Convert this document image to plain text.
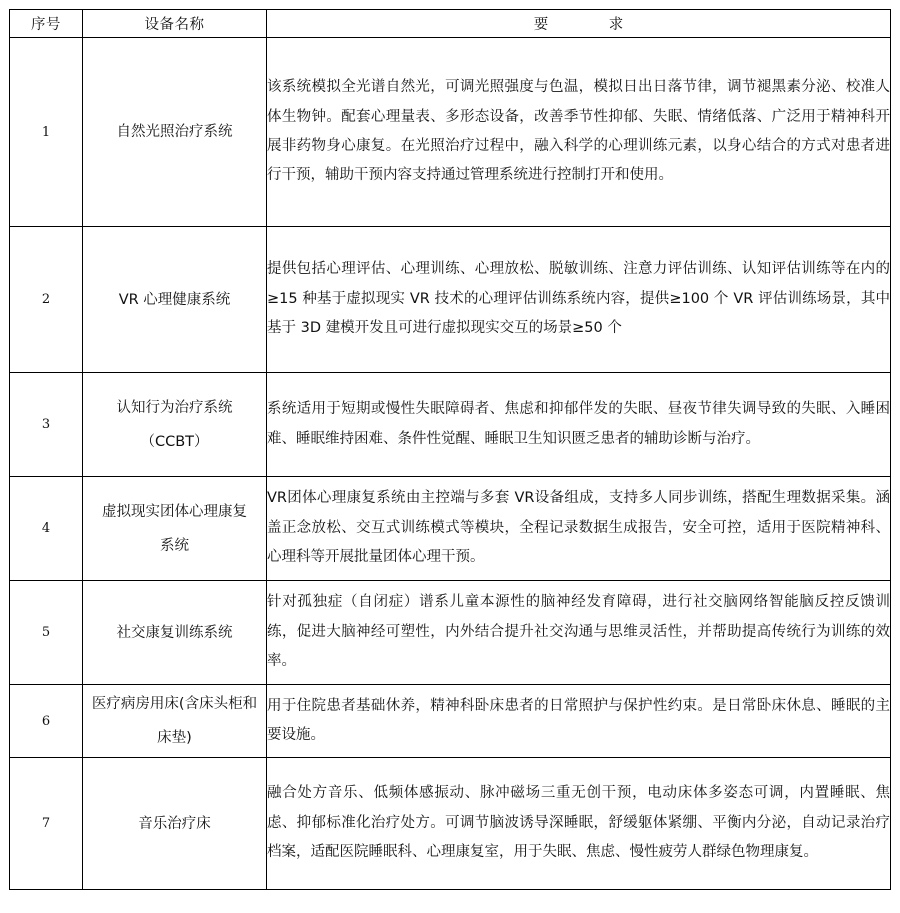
序号	设备名称	要 求
1	自然光照治疗系统	该系统模拟全光谱自然光，可调光照强度与色温，模拟日出日落节律，调节褪黑素分泌、校准人体生物钟。配套心理量表、多形态设备，改善季节性抑郁、失眠、情绪低落、广泛用于精神科开展非药物身心康复。在光照治疗过程中，融入科学的心理训练元素，以身心结合的方式对患者进行干预，辅助干预内容支持通过管理系统进行控制打开和使用。
2	VR 心理健康系统	提供包括心理评估、心理训练、心理放松、脱敏训练、注意力评估训练、认知评估训练等在内的≥15 种基于虚拟现实 VR 技术的心理评估训练系统内容，提供≥100 个 VR 评估训练场景，其中基于 3D 建模开发且可进行虚拟现实交互的场景≥50 个
3	认知行为治疗系统（CCBT）	系统适用于短期或慢性失眠障碍者、焦虑和抑郁伴发的失眠、昼夜节律失调导致的失眠、入睡困难、睡眠维持困难、条件性觉醒、睡眠卫生知识匮乏患者的辅助诊断与治疗。
4	虚拟现实团体心理康复系统	VR团体心理康复系统由主控端与多套 VR设备组成，支持多人同步训练，搭配生理数据采集。涵盖正念放松、交互式训练模式等模块，全程记录数据生成报告，安全可控，适用于医院精神科、心理科等开展批量团体心理干预。
5	社交康复训练系统	针对孤独症（自闭症）谱系儿童本源性的脑神经发育障碍，进行社交脑网络智能脑反控反馈训练，促进大脑神经可塑性，内外结合提升社交沟通与思维灵活性，并帮助提高传统行为训练的效率。
6	医疗病房用床(含床头柜和床垫)	用于住院患者基础休养，精神科卧床患者的日常照护与保护性约束。是日常卧床休息、睡眠的主要设施。
7	音乐治疗床	融合处方音乐、低频体感振动、脉冲磁场三重无创干预，电动床体多姿态可调，内置睡眠、焦虑、抑郁标准化治疗处方。可调节脑波诱导深睡眠，舒缓躯体紧绷、平衡内分泌，自动记录治疗档案，适配医院睡眠科、心理康复室，用于失眠、焦虑、慢性疲劳人群绿色物理康复。
